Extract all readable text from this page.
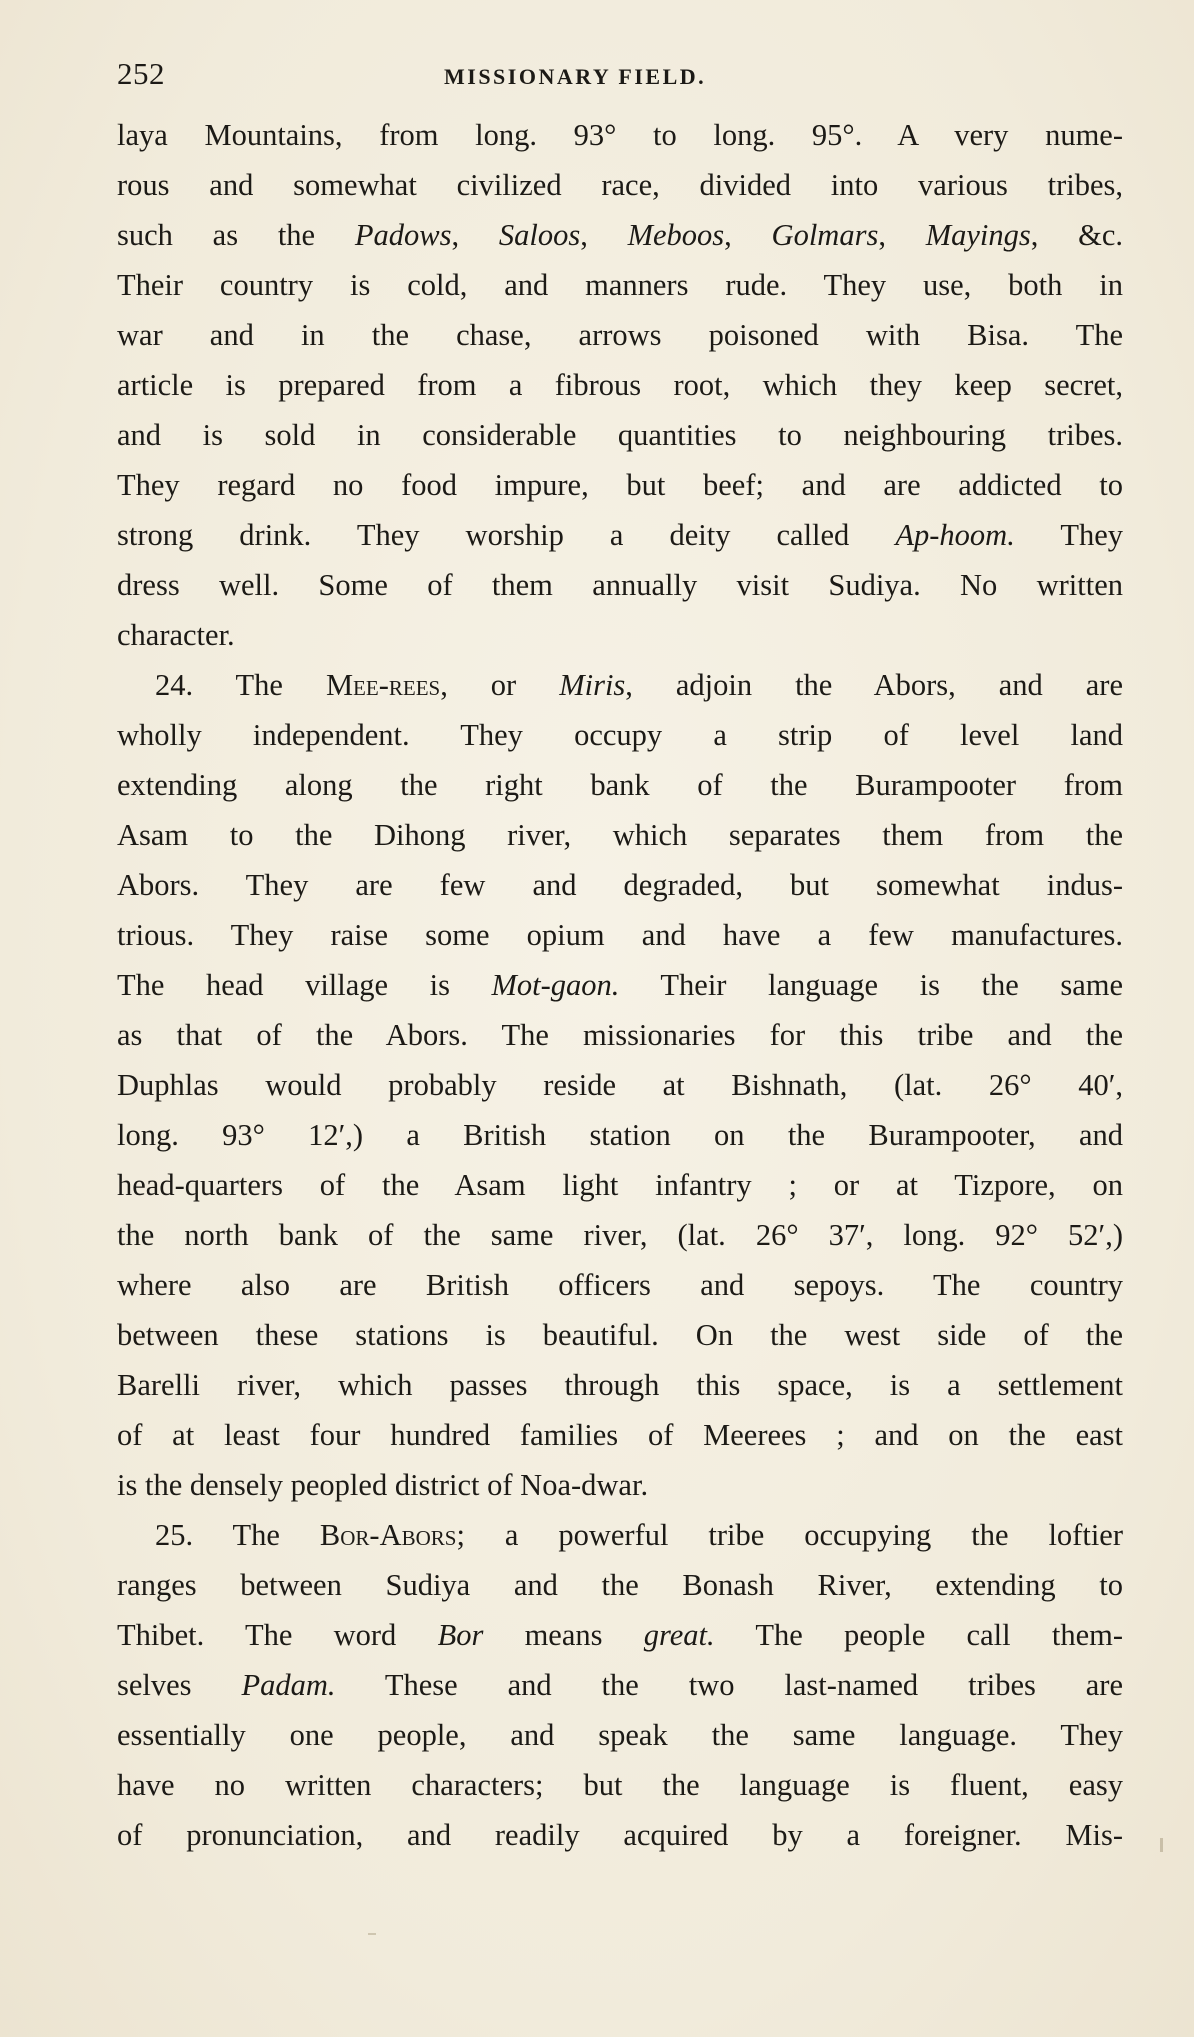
252	MISSIONARY FIELD.
laya Mountains, from long. 93° to long. 95°. A very nume-
rous and somewhat civilized race, divided into various tribes,
such as the Padows, Saloos, Meboos, Golmars, Mayings, &c.
Their country is cold, and manners rude. They use, both in
war and in the chase, arrows poisoned with Bisa. The
article is prepared from a fibrous root, which they keep secret,
and is sold in considerable quantities to neighbouring tribes.
They regard no food impure, but beef; and are addicted to
strong drink. They worship a deity called Ap-hoom. They
dress well. Some of them annually visit Sudiya. No written
character.
24. The Mee-rees, or Miris, adjoin the Abors, and are
wholly independent. They occupy a strip of level land
extending along the right bank of the Burampooter from
Asam to the Dihong river, which separates them from the
Abors. They are few and degraded, but somewhat indus-
trious. They raise some opium and have a few manufactures.
The head village is Mot-gaon. Their language is the same
as that of the Abors. The missionaries for this tribe and the
Duphlas would probably reside at Bishnath, (lat. 26° 40′,
long. 93° 12′,) a British station on the Burampooter, and
head-quarters of the Asam light infantry ; or at Tizpore, on
the north bank of the same river, (lat. 26° 37′, long. 92° 52′,)
where also are British officers and sepoys. The country
between these stations is beautiful. On the west side of the
Barelli river, which passes through this space, is a settlement
of at least four hundred families of Meerees ; and on the east
is the densely peopled district of Noa-dwar.
25. The Bor-Abors; a powerful tribe occupying the loftier
ranges between Sudiya and the Bonash River, extending to
Thibet. The word Bor means great. The people call them-
selves Padam. These and the two last-named tribes are
essentially one people, and speak the same language. They
have no written characters; but the language is fluent, easy
of pronunciation, and readily acquired by a foreigner. Mis-
